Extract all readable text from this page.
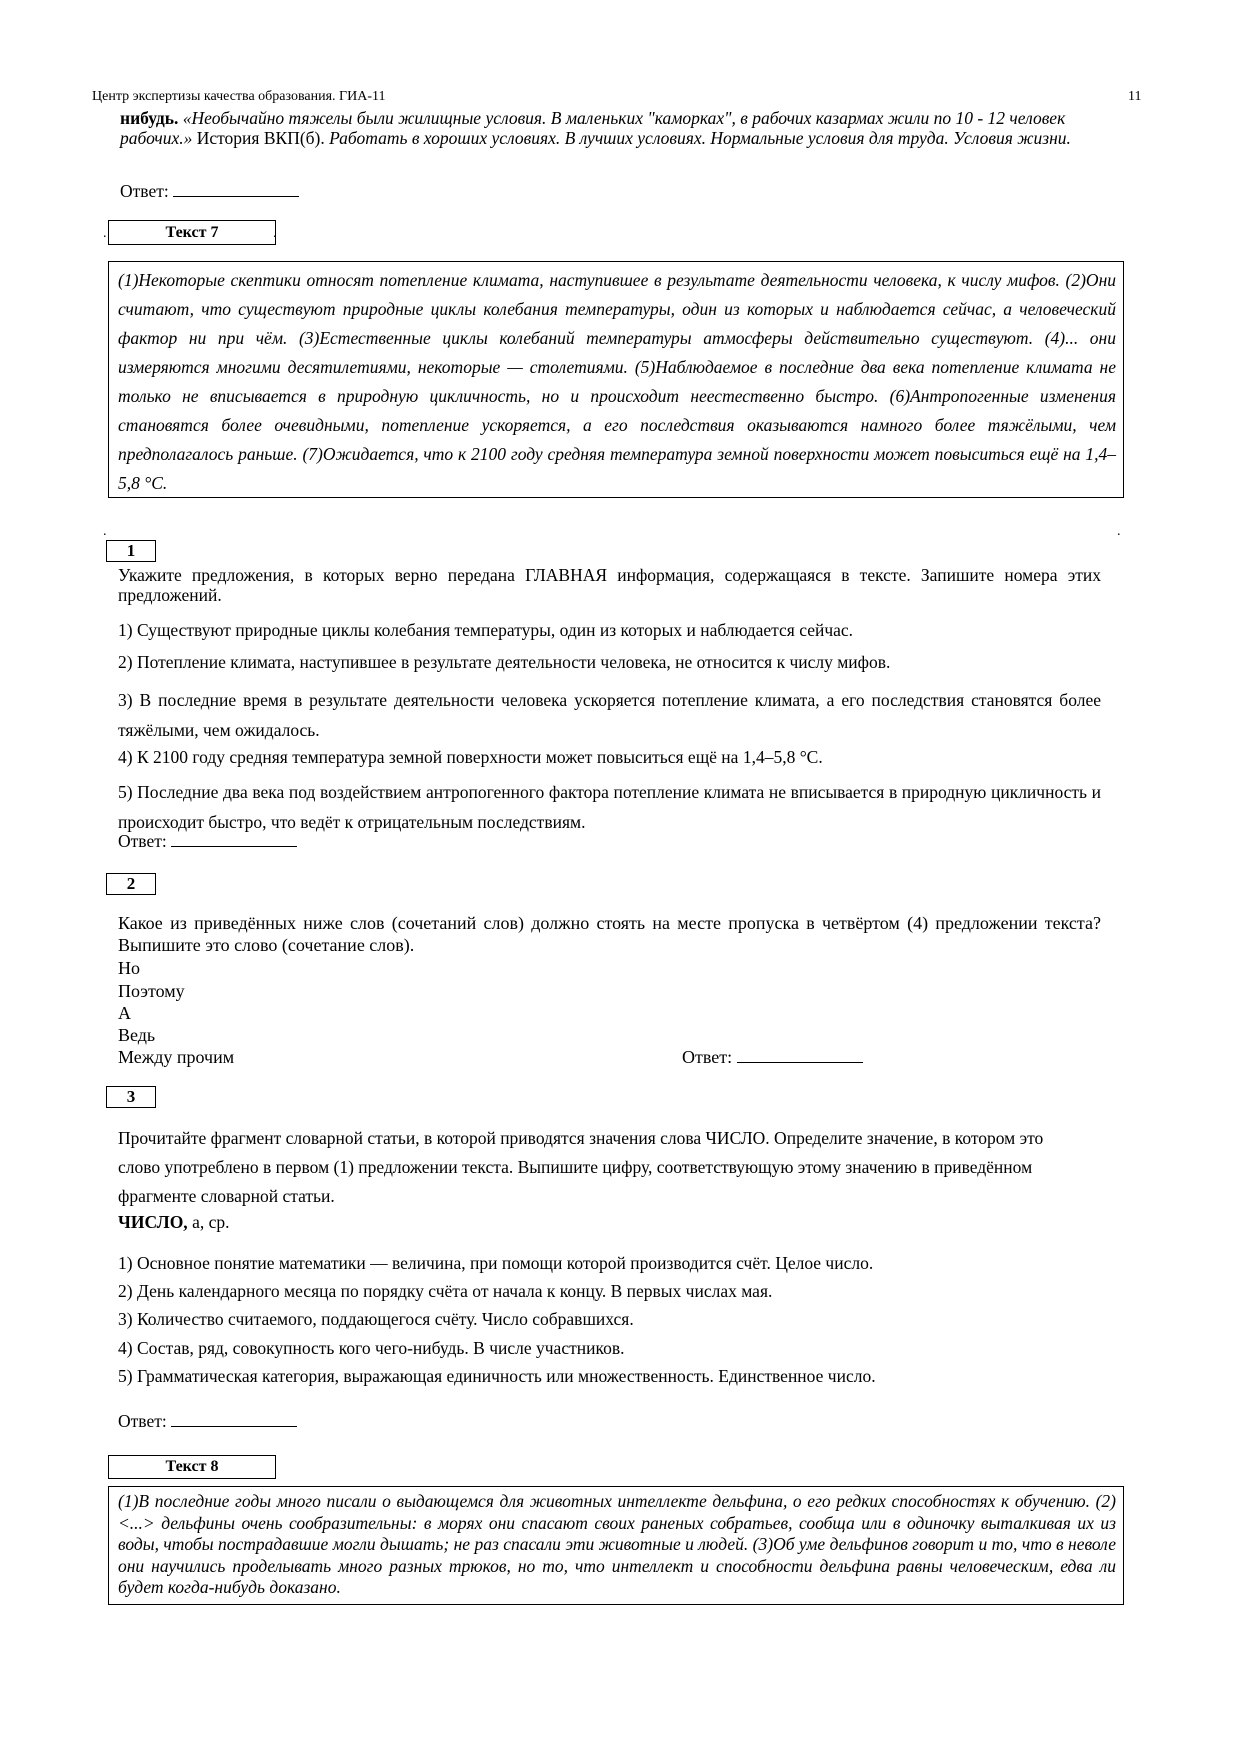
Центр экспертизы качества образования. ГИА-11	11
нибудь. «Необычайно тяжелы были жилищные условия. В маленьких "каморках", в рабочих казармах жили по 10 - 12 человек рабочих.» История ВКП(б). Работать в хороших условиях. В лучших условиях. Нормальные условия для труда. Условия жизни.
Ответ:
Текст 7
.	.
(1)Некоторые скептики относят потепление климата, наступившее в результате деятельности человека, к числу мифов. (2)Они считают, что существуют природные циклы колебания температуры, один из которых и наблюдается сейчас, а человеческий фактор ни при чём. (3)Естественные циклы колебаний температуры атмосферы действительно существуют. (4)... они измеряются многими десятилетиями, некоторые — столетиями. (5)Наблюдаемое в последние два века потепление климата не только не вписывается в природную цикличность, но и происходит неестественно быстро. (6)Антропогенные изменения становятся более очевидными, потепление ускоряется, а его последствия оказываются намного более тяжёлыми, чем предполагалось раньше. (7)Ожидается, что к 2100 году средняя температура земной поверхности может повыситься ещё на 1,4–5,8 °С.
.	.
1
Укажите предложения, в которых верно передана ГЛАВНАЯ информация, содержащаяся в тексте. Запишите номера этих предложений.
1) Существуют природные циклы колебания температуры, один из которых и наблюдается сейчас.
2) Потепление климата, наступившее в результате деятельности человека, не относится к числу мифов.
3) В последние время в результате деятельности человека ускоряется потепление климата, а его последствия становятся более тяжёлыми, чем ожидалось.
4) К 2100 году средняя температура земной поверхности может повыситься ещё на 1,4–5,8 °С.
5) Последние два века под воздействием антропогенного фактора потепление климата не вписывается в природную цикличность и происходит быстро, что ведёт к отрицательным последствиям.
Ответ:
2
Какое из приведённых ниже слов (сочетаний слов) должно стоять на месте пропуска в четвёртом (4) предложении текста? Выпишите это слово (сочетание слов).
Но
Поэтому
А
Ведь
Между прочим	Ответ:
3
Прочитайте фрагмент словарной статьи, в которой приводятся значения слова ЧИСЛО. Определите значение, в котором это слово употреблено в первом (1) предложении текста. Выпишите цифру, соответствующую этому значению в приведённом фрагменте словарной статьи.
ЧИСЛО, а, ср.
1) Основное понятие математики — величина, при помощи которой производится счёт. Целое число.
2) День календарного месяца по порядку счёта от начала к концу. В первых числах мая.
3) Количество считаемого, поддающегося счёту. Число собравшихся.
4) Состав, ряд, совокупность кого чего-нибудь. В числе участников.
5) Грамматическая категория, выражающая единичность или множественность. Единственное число.
Ответ:
Текст 8
(1)В последние годы много писали о выдающемся для животных интеллекте дельфина, о его редких способностях к обучению. (2)<...> дельфины очень сообразительны: в морях они спасают своих раненых собратьев, сообща или в одиночку выталкивая их из воды, чтобы пострадавшие могли дышать; не раз спасали эти животные и людей. (3)Об уме дельфинов говорит и то, что в неволе они научились проделывать много разных трюков, но то, что интеллект и способности дельфина равны человеческим, едва ли будет когда-нибудь доказано.
